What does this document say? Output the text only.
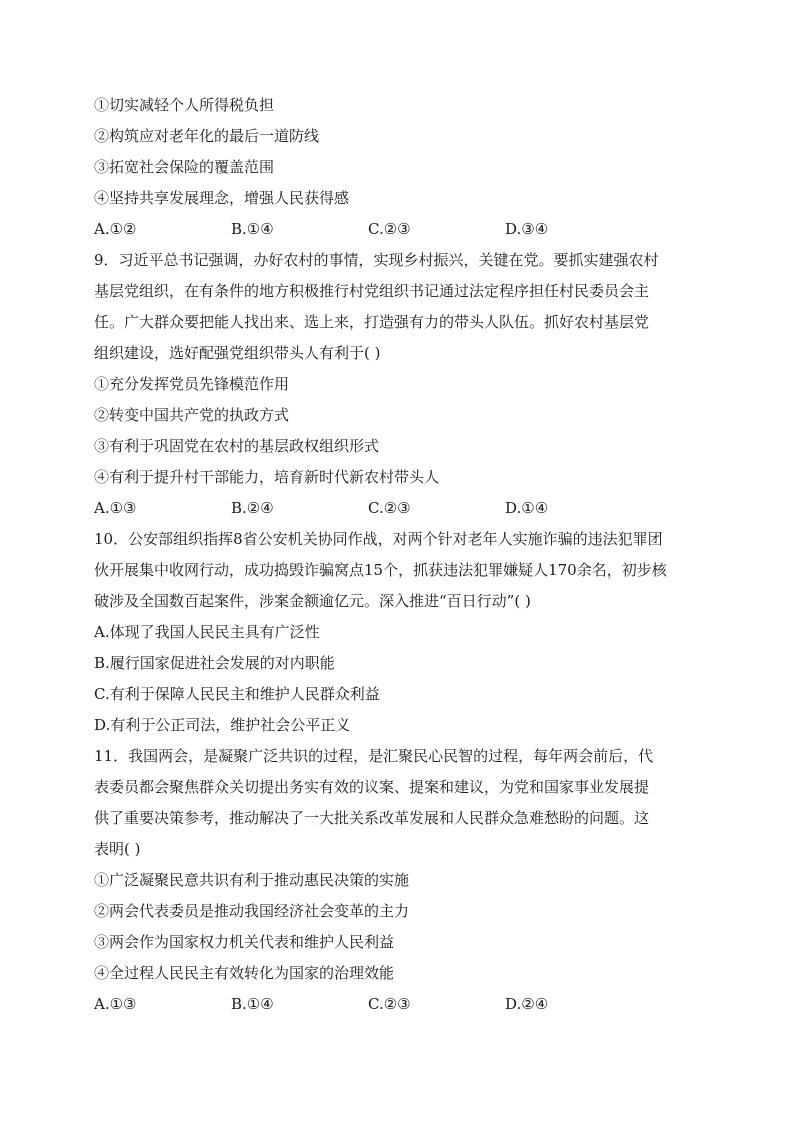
①切实减轻个人所得税负担
②构筑应对老年化的最后一道防线
③拓宽社会保险的覆盖范围
④坚持共享发展理念，增强人民获得感
A.①②	B.①④	C.②③	D.③④
9．习近平总书记强调，办好农村的事情，实现乡村振兴，关键在党。要抓实建强农村
基层党组织，在有条件的地方积极推行村党组织书记通过法定程序担任村民委员会主
任。广大群众要把能人找出来、选上来，打造强有力的带头人队伍。抓好农村基层党
组织建设，选好配强党组织带头人有利于( )
①充分发挥党员先锋模范作用
②转变中国共产党的执政方式
③有利于巩固党在农村的基层政权组织形式
④有利于提升村干部能力，培育新时代新农村带头人
A.①③	B.②④	C.②③	D.①④
10．公安部组织指挥8省公安机关协同作战，对两个针对老年人实施诈骗的违法犯罪团
伙开展集中收网行动，成功捣毁诈骗窝点15个，抓获违法犯罪嫌疑人170余名，初步核
破涉及全国数百起案件，涉案金额逾亿元。深入推进“百日行动”( )
A.体现了我国人民民主具有广泛性
B.履行国家促进社会发展的对内职能
C.有利于保障人民民主和维护人民群众利益
D.有利于公正司法，维护社会公平正义
11．我国两会，是凝聚广泛共识的过程，是汇聚民心民智的过程，每年两会前后，代
表委员都会聚焦群众关切提出务实有效的议案、提案和建议，为党和国家事业发展提
供了重要决策参考，推动解决了一大批关系改革发展和人民群众急难愁盼的问题。这
表明( )
①广泛凝聚民意共识有利于推动惠民决策的实施
②两会代表委员是推动我国经济社会变革的主力
③两会作为国家权力机关代表和维护人民利益
④全过程人民民主有效转化为国家的治理效能
A.①③	B.①④	C.②③	D.②④
